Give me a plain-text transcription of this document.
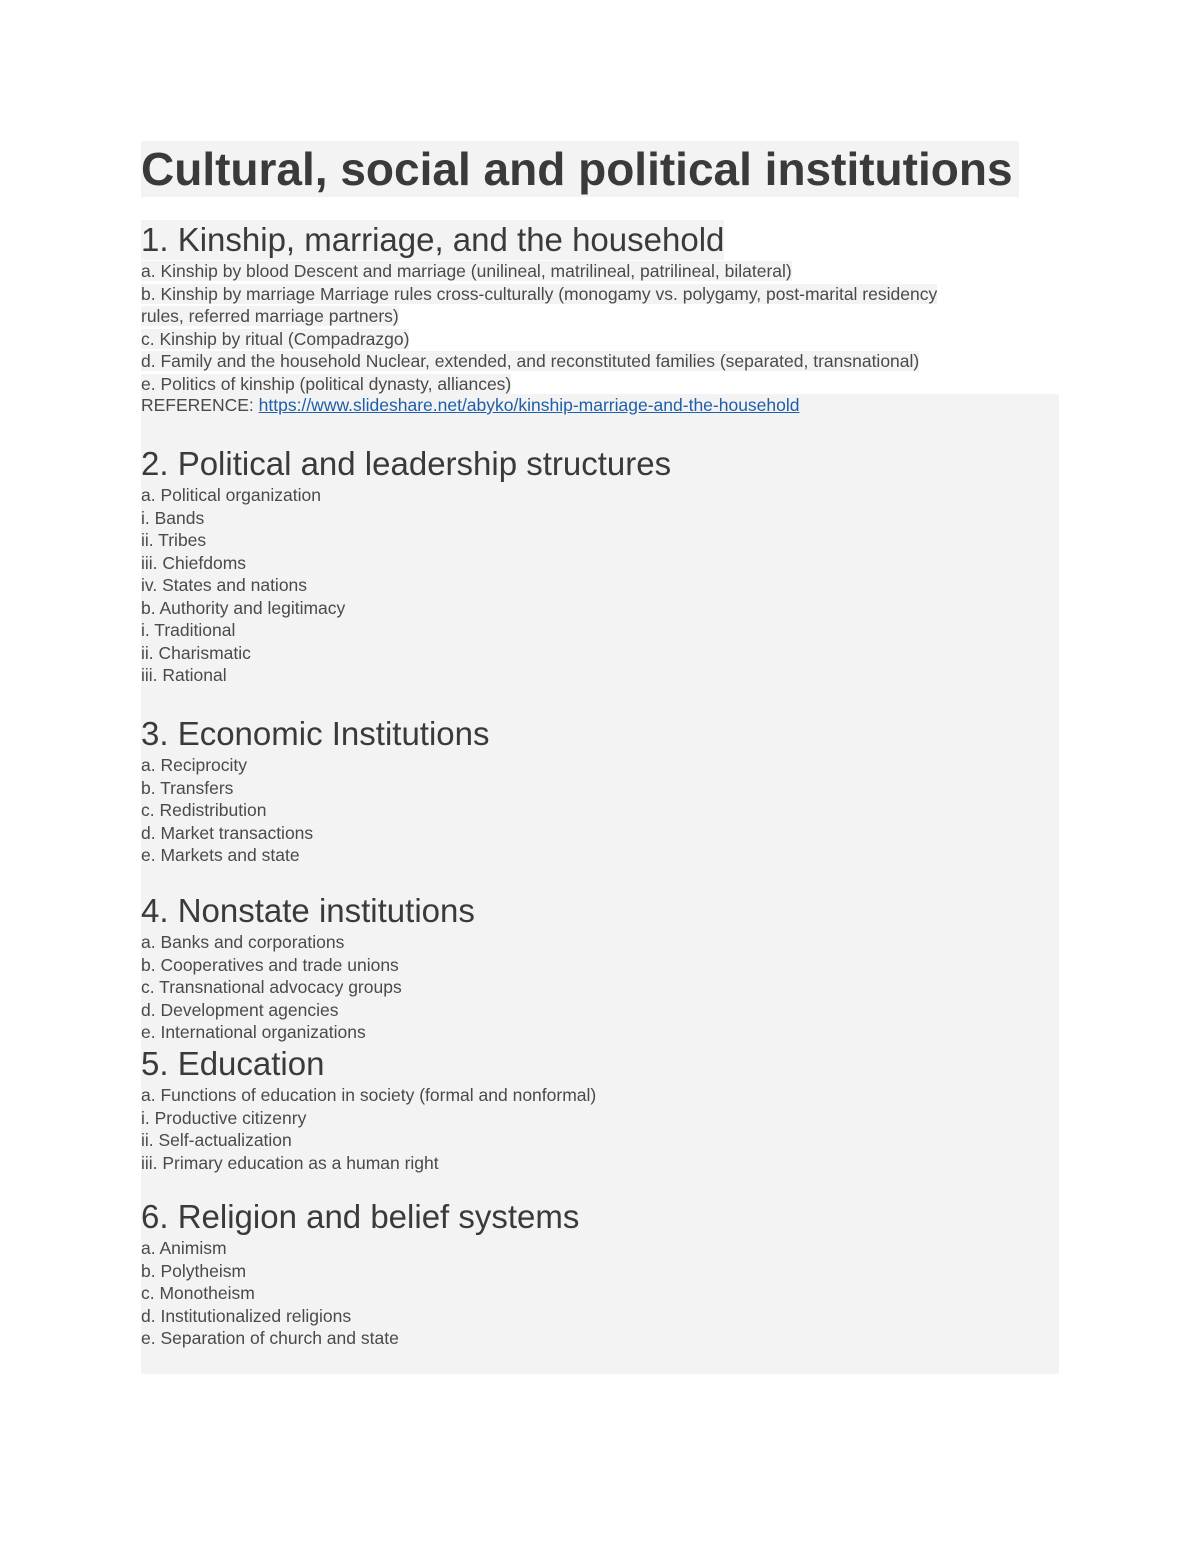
Cultural, social and political institutions
1. Kinship, marriage, and the household
a. Kinship by blood Descent and marriage (unilineal, matrilineal, patrilineal, bilateral)
b. Kinship by marriage Marriage rules cross-culturally (monogamy vs. polygamy, post-marital residency
rules, referred marriage partners)
c. Kinship by ritual (Compadrazgo)
d. Family and the household Nuclear, extended, and reconstituted families (separated, transnational)
e. Politics of kinship (political dynasty, alliances)
REFERENCE: https://www.slideshare.net/abyko/kinship-marriage-and-the-household
2. Political and leadership structures
a. Political organization
i. Bands
ii. Tribes
iii. Chiefdoms
iv. States and nations
b. Authority and legitimacy
i. Traditional
ii. Charismatic
iii. Rational
3. Economic Institutions
a. Reciprocity
b. Transfers
c. Redistribution
d. Market transactions
e. Markets and state
4. Nonstate institutions
a. Banks and corporations
b. Cooperatives and trade unions
c. Transnational advocacy groups
d. Development agencies
e. International organizations
5. Education
a. Functions of education in society (formal and nonformal)
i. Productive citizenry
ii. Self-actualization
iii. Primary education as a human right
6. Religion and belief systems
a. Animism
b. Polytheism
c. Monotheism
d. Institutionalized religions
e. Separation of church and state
